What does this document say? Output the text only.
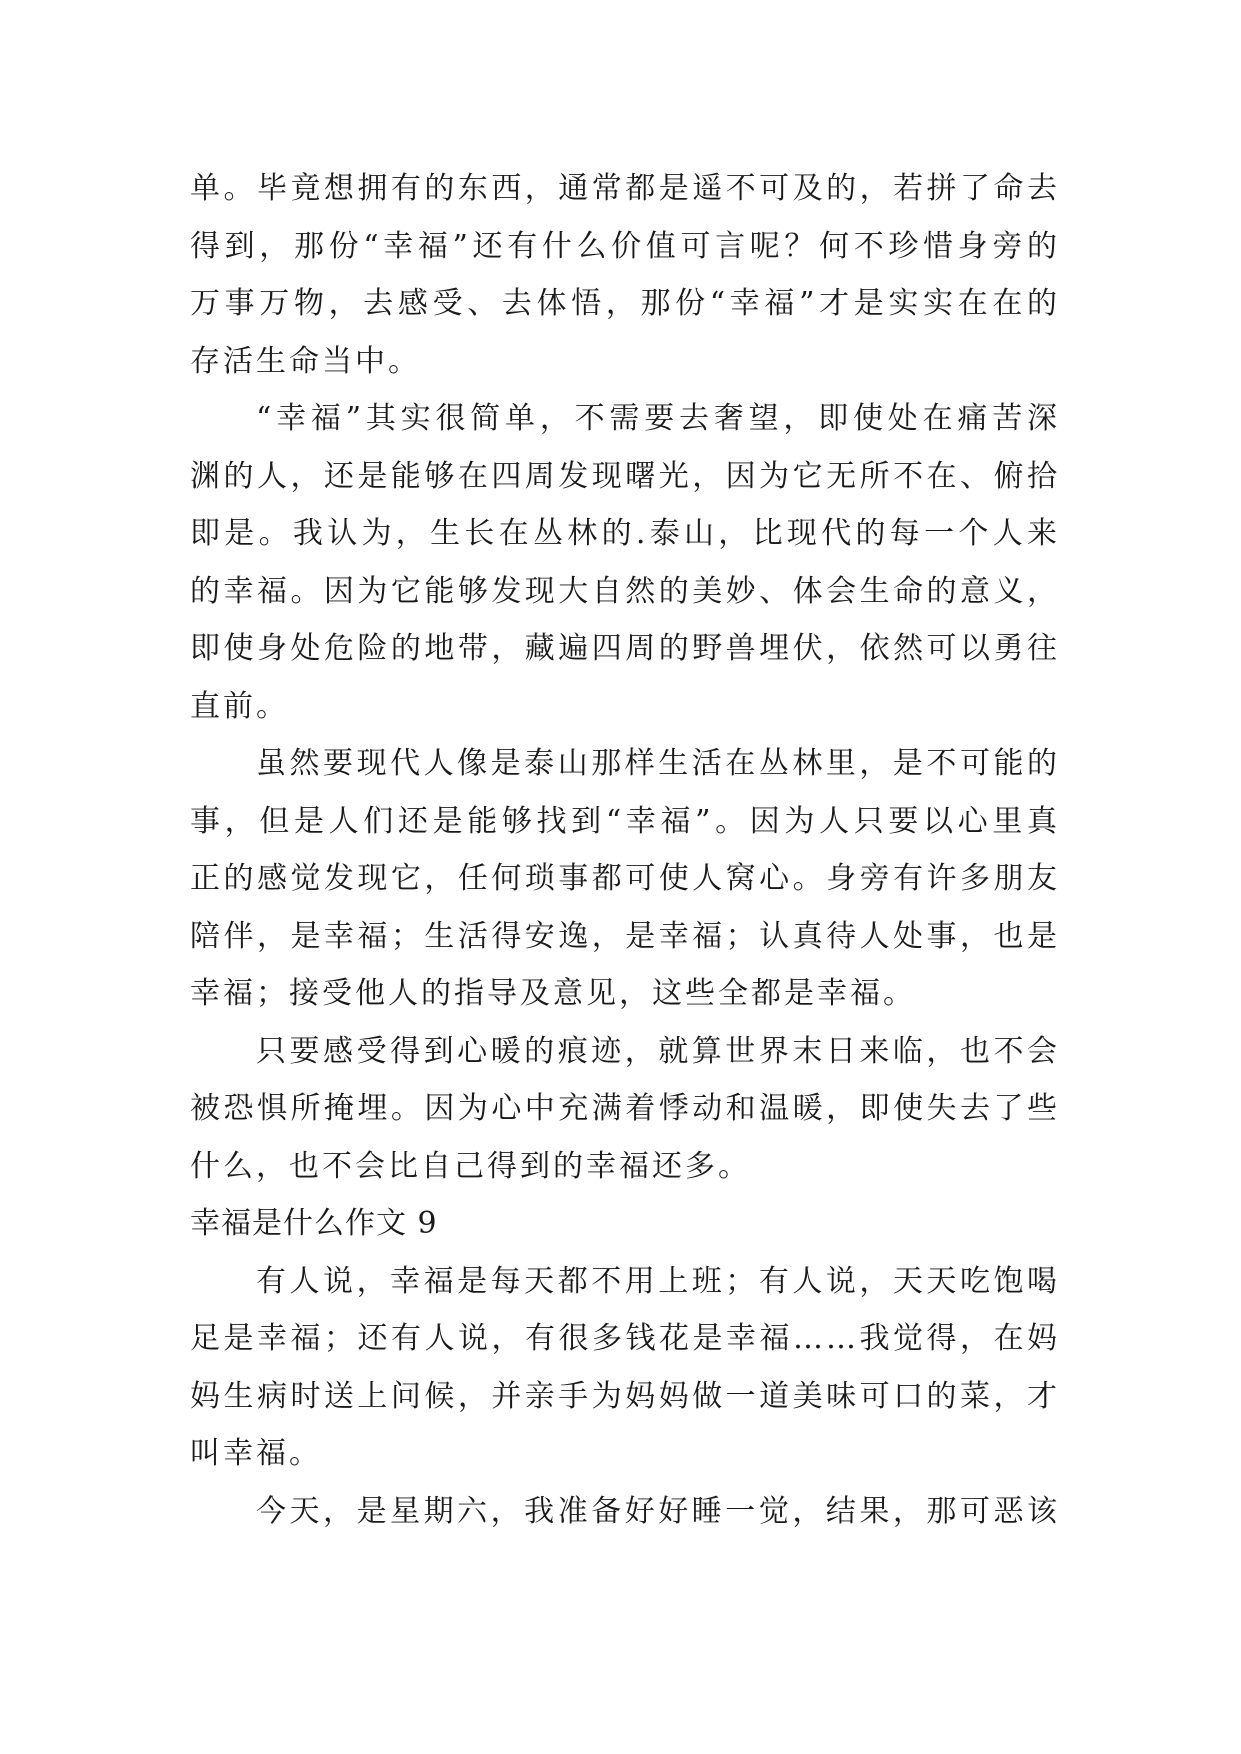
单。毕竟想拥有的东西，通常都是遥不可及的，若拼了命去
得到，那份“幸福”还有什么价值可言呢？何不珍惜身旁的
万事万物，去感受、去体悟，那份“幸福”才是实实在在的
存活生命当中。
“幸福”其实很简单，不需要去奢望，即使处在痛苦深
渊的人，还是能够在四周发现曙光，因为它无所不在、俯拾
即是。我认为，生长在丛林的.泰山，比现代的每一个人来
的幸福。因为它能够发现大自然的美妙、体会生命的意义，
即使身处危险的地带，藏遍四周的野兽埋伏，依然可以勇往
直前。
虽然要现代人像是泰山那样生活在丛林里，是不可能的
事，但是人们还是能够找到“幸福”。因为人只要以心里真
正的感觉发现它，任何琐事都可使人窝心。身旁有许多朋友
陪伴，是幸福；生活得安逸，是幸福；认真待人处事，也是
幸福；接受他人的指导及意见，这些全都是幸福。
只要感受得到心暖的痕迹，就算世界末日来临，也不会
被恐惧所掩埋。因为心中充满着悸动和温暖，即使失去了些
什么，也不会比自己得到的幸福还多。
幸福是什么作文 9
有人说，幸福是每天都不用上班；有人说，天天吃饱喝
足是幸福；还有人说，有很多钱花是幸福……我觉得，在妈
妈生病时送上问候，并亲手为妈妈做一道美味可口的菜，才
叫幸福。
今天，是星期六，我准备好好睡一觉，结果，那可恶该
